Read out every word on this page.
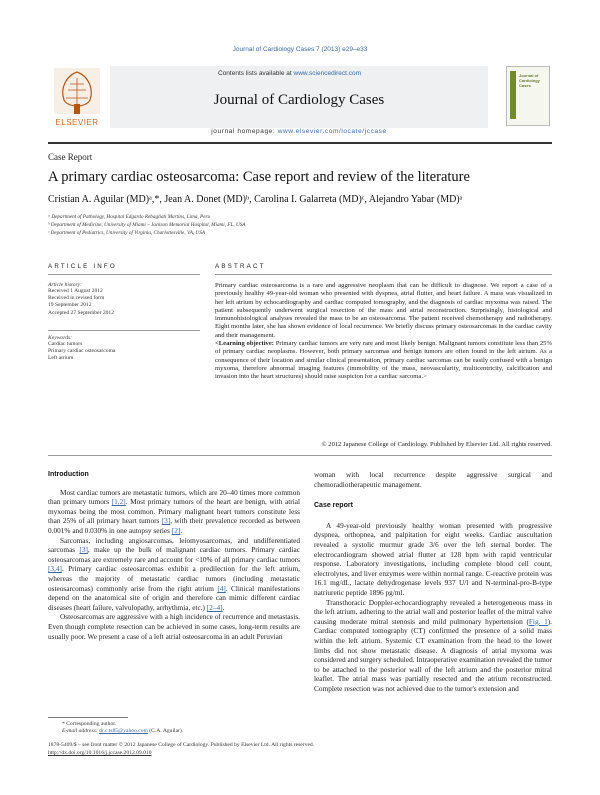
Journal of Cardiology Cases 7 (2013) e29–e33
ELSEVIER
Contents lists available at www.sciencedirect.com
Journal of Cardiology Cases
journal homepage: www.elsevier.com/locate/jccase
Journal of Cardiology Cases
Case Report
A primary cardiac osteosarcoma: Case report and review of the literature
Cristian A. Aguilar (MD)ᵃ,*, Jean A. Donet (MD)ᵇ, Carolina I. Galarreta (MD)ᶜ, Alejandro Yabar (MD)ᵃ
ᵃ Department of Pathology, Hospital Edgardo Rebagliati Martins, Lima, Peru
ᵇ Department of Medicine, University of Miami – Jackson Memorial Hospital, Miami, FL, USA
ᶜ Department of Pediatrics, University of Virginia, Charlottesville, VA, USA
ARTICLE INFO	ABSTRACT
Article history:
Received 1 August 2012
Received in revised form
19 September 2012
Accepted 27 September 2012
Keywords:
Cardiac tumors
Primary cardiac osteosarcoma
Left atrium
Primary cardiac osteosarcoma is a rare and aggressive neoplasm that can be difficult to diagnose. We report a case of a previously healthy 49-year-old woman who presented with dyspnea, atrial flutter, and heart failure. A mass was visualized in her left atrium by echocardiography and cardiac computed tomography, and the diagnosis of cardiac myxoma was raised. The patient subsequently underwent surgical resection of the mass and atrial reconstruction. Surprisingly, histological and immunohistological analyses revealed the mass to be an osteosarcoma. The patient received chemotherapy and radiotherapy. Eight months later, she has shown evidence of local recurrence. We briefly discuss primary osteosarcomas in the cardiac cavity and their management.
<Learning objective: Primary cardiac tumors are very rare and most likely benign. Malignant tumors constitute less than 25% of primary cardiac neoplasms. However, both primary sarcomas and benign tumors are often found in the left atrium. As a consequence of their location and similar clinical presentation, primary cardiac sarcomas can be easily confused with a benign myxoma, therefore abnormal imaging features (immobility of the mass, neovascularity, multicentricity, calcification and invasion into the heart structures) should raise suspicion for a cardiac sarcoma.>
© 2012 Japanese College of Cardiology. Published by Elsevier Ltd. All rights reserved.
Introduction

Most cardiac tumors are metastatic tumors, which are 20–40 times more common than primary tumors [1,2]. Most primary tumors of the heart are benign, with atrial myxomas being the most common. Primary malignant heart tumors constitute less than 25% of all primary heart tumors [3], with their prevalence recorded as between 0.001% and 0.030% in one autopsy series [2].

Sarcomas, including angiosarcomas, leiomyosarcomas, and undifferentiated sarcomas [3], make up the bulk of malignant cardiac tumors. Primary cardiac osteosarcomas are extremely rare and account for <10% of all primary cardiac tumors [3,4]. Primary cardiac osteosarcomas exhibit a predilection for the left atrium, whereas the majority of metastatic cardiac tumors (including metastatic osteosarcomas) commonly arise from the right atrium [4]. Clinical manifestations depend on the anatomical site of origin and therefore can mimic different cardiac diseases (heart failure, valvulopathy, arrhythmia, etc.) [2–4].

Osteosarcomas are aggressive with a high incidence of recurrence and metastasis. Even though complete resection can be achieved in some cases, long-term results are usually poor. We present a case of a left atrial osteosarcoma in an adult Peruvian

* Corresponding author.
E-mail address: dr.c.ts85@yahoo.com (C.A. Aguilar).
1878-5409/$ – see front matter © 2012 Japanese College of Cardiology. Published by Elsevier Ltd. All rights reserved.
http://dx.doi.org/10.1016/j.jccase.2012.09.010

woman with local recurrence despite aggressive surgical and chemoradiotherapeutic management.

Case report

A 49-year-old previously healthy woman presented with progressive dyspnea, orthopnea, and palpitation for eight weeks. Cardiac auscultation revealed a systolic murmur grade 3/6 over the left sternal border. The electrocardiogram showed atrial flutter at 128 bpm with rapid ventricular response. Laboratory investigations, including complete blood cell count, electrolytes, and liver enzymes were within normal range. C-reactive protein was 16.1 mg/dL, lactate dehydrogenase levels 937 U/l and N-terminal-pro-B-type natriuretic peptide 1896 pg/ml.

Transthoracic Doppler-echocardiography revealed a heterogeneous mass in the left atrium, adhering to the atrial wall and posterior leaflet of the mitral valve causing moderate mitral stenosis and mild pulmonary hypertension (Fig. 1). Cardiac computed tomography (CT) confirmed the presence of a solid mass within the left atrium. Systemic CT examination from the head to the lower limbs did not show metastatic disease. A diagnosis of atrial myxoma was considered and surgery scheduled. Intraoperative examination revealed the tumor to be attached to the posterior wall of the left atrium and the posterior mitral leaflet. The atrial mass was partially resected and the atrium reconstructed. Complete resection was not achieved due to the tumor's extension and
